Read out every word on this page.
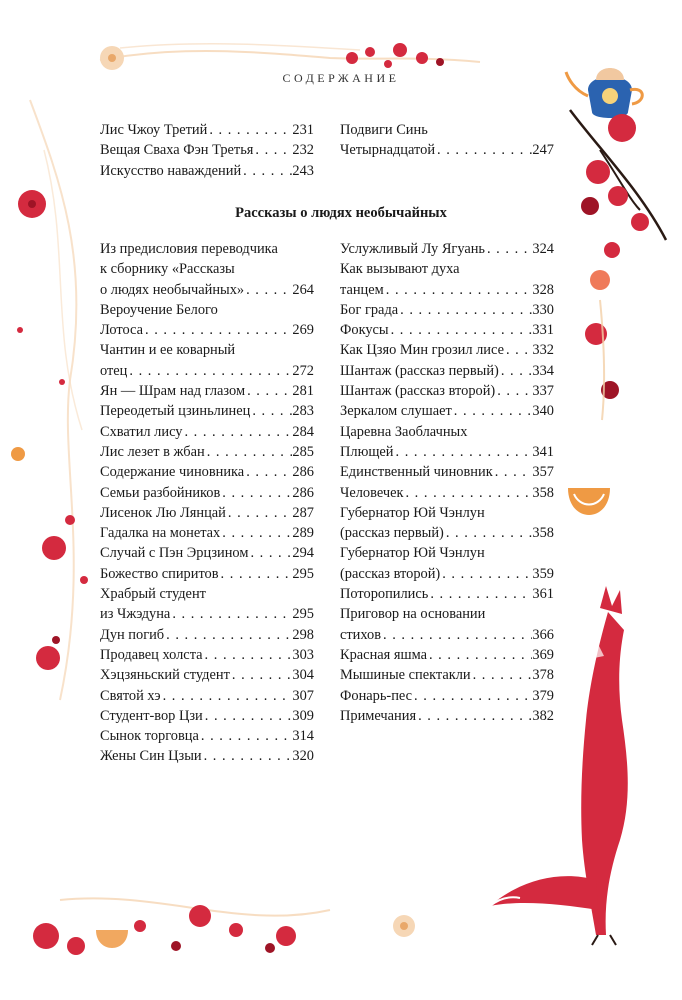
СОДЕРЖАНИЕ
Лис Чжоу Третий . . .	231
Вещая Сваха Фэн Третья . . .	232
Искусство наваждений . . .	243
Подвиги Синь
Четырнадцатой . . .	247
Рассказы о людях необычайных
Из предисловия переводчика
к сборнику «Рассказы
о людях необычайных» . . .	264
Вероучение Белого
Лотоса . . .	269
Чантин и ее коварный
отец . . .	272
Ян — Шрам над глазом . . .	281
Переодетый цзиньлинец . . .	283
Схватил лису . . .	284
Лис лезет в жбан . . .	285
Содержание чиновника . . .	286
Семьи разбойников . . .	286
Лисенок Лю Лянцай . . .	287
Гадалка на монетах . . .	289
Случай с Пэн Эрцзином . . .	294
Божество спиритов . . .	295
Храбрый студент
из Чжэдуна . . .	295
Дун погиб . . .	298
Продавец холста . . .	303
Хэцзяньский студент . . .	304
Святой хэ . . .	307
Студент-вор Цзи . . .	309
Сынок торговца . . .	314
Жены Син Цзыи . . .	320
Услужливый Лу Ягуань . . .	324
Как вызывают духа
танцем . . .	328
Бог града . . .	330
Фокусы . . .	331
Как Цзяо Мин грозил лисе . . . 332
Шантаж (рассказ первый) . . . 334
Шантаж (рассказ второй) . . .	337
Зеркалом слушает . . .	340
Царевна Заоблачных
Плющей . . .	341
Единственный чиновник . . .	357
Человечек . . .	358
Губернатор Юй Чэнлун
(рассказ первый) . . .	358
Губернатор Юй Чэнлун
(рассказ второй) . . .	359
Поторопились . . .	361
Приговор на основании
стихов . . .	366
Красная яшма . . .	369
Мышиные спектакли . . .	378
Фонарь-пес . . .	379
Примечания . . .	382
